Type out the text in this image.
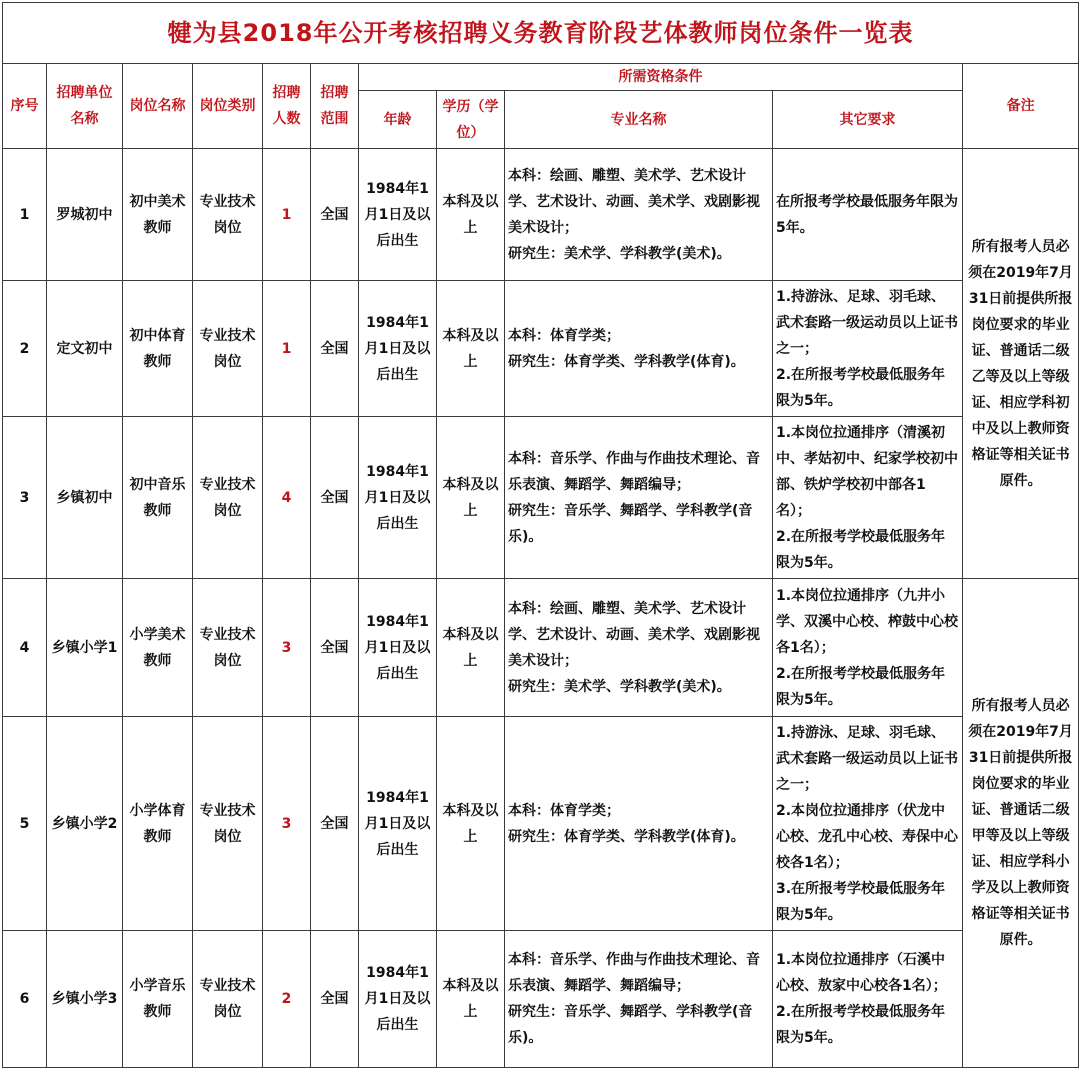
犍为县2018年公开考核招聘义务教育阶段艺体教师岗位条件一览表										
序号	招聘单位名称	岗位名称	岗位类别	招聘人数	招聘范围	所需资格条件				备注
						年龄	学历（学位）	专业名称	其它要求	
1	罗城初中	初中美术教师	专业技术岗位	1	全国	1984年1月1日及以后出生	本科及以上	本科：绘画、雕塑、美术学、艺术设计学、艺术设计、动画、美术学、戏剧影视美术设计；
研究生：美术学、学科教学(美术)。	在所报考学校最低服务年限为5年。	所有报考人员必须在2019年7月31日前提供所报岗位要求的毕业证、普通话二级乙等及以上等级证、相应学科初中及以上教师资格证等相关证书原件。
2	定文初中	初中体育教师	专业技术岗位	1	全国	1984年1月1日及以后出生	本科及以上	本科：体育学类；
研究生：体育学类、学科教学(体育)。	1.持游泳、足球、羽毛球、武术套路一级运动员以上证书之一；
2.在所报考学校最低服务年限为5年。	
3	乡镇初中	初中音乐教师	专业技术岗位	4	全国	1984年1月1日及以后出生	本科及以上	本科：音乐学、作曲与作曲技术理论、音乐表演、舞蹈学、舞蹈编导；
研究生：音乐学、舞蹈学、学科教学(音乐)。	1.本岗位拉通排序（清溪初中、孝姑初中、纪家学校初中部、铁炉学校初中部各1名）；
2.在所报考学校最低服务年限为5年。	
4	乡镇小学1	小学美术教师	专业技术岗位	3	全国	1984年1月1日及以后出生	本科及以上	本科：绘画、雕塑、美术学、艺术设计学、艺术设计、动画、美术学、戏剧影视美术设计；
研究生：美术学、学科教学(美术)。	1.本岗位拉通排序（九井小学、双溪中心校、榨鼓中心校各1名）；
2.在所报考学校最低服务年限为5年。	所有报考人员必须在2019年7月31日前提供所报岗位要求的毕业证、普通话二级甲等及以上等级证、相应学科小学及以上教师资格证等相关证书原件。
5	乡镇小学2	小学体育教师	专业技术岗位	3	全国	1984年1月1日及以后出生	本科及以上	本科：体育学类；
研究生：体育学类、学科教学(体育)。	1.持游泳、足球、羽毛球、武术套路一级运动员以上证书之一；
2.本岗位拉通排序（伏龙中心校、龙孔中心校、寿保中心校各1名）；
3.在所报考学校最低服务年限为5年。	
6	乡镇小学3	小学音乐教师	专业技术岗位	2	全国	1984年1月1日及以后出生	本科及以上	本科：音乐学、作曲与作曲技术理论、音乐表演、舞蹈学、舞蹈编导；
研究生：音乐学、舞蹈学、学科教学(音乐)。	1.本岗位拉通排序（石溪中心校、敖家中心校各1名）；
2.在所报考学校最低服务年限为5年。	
